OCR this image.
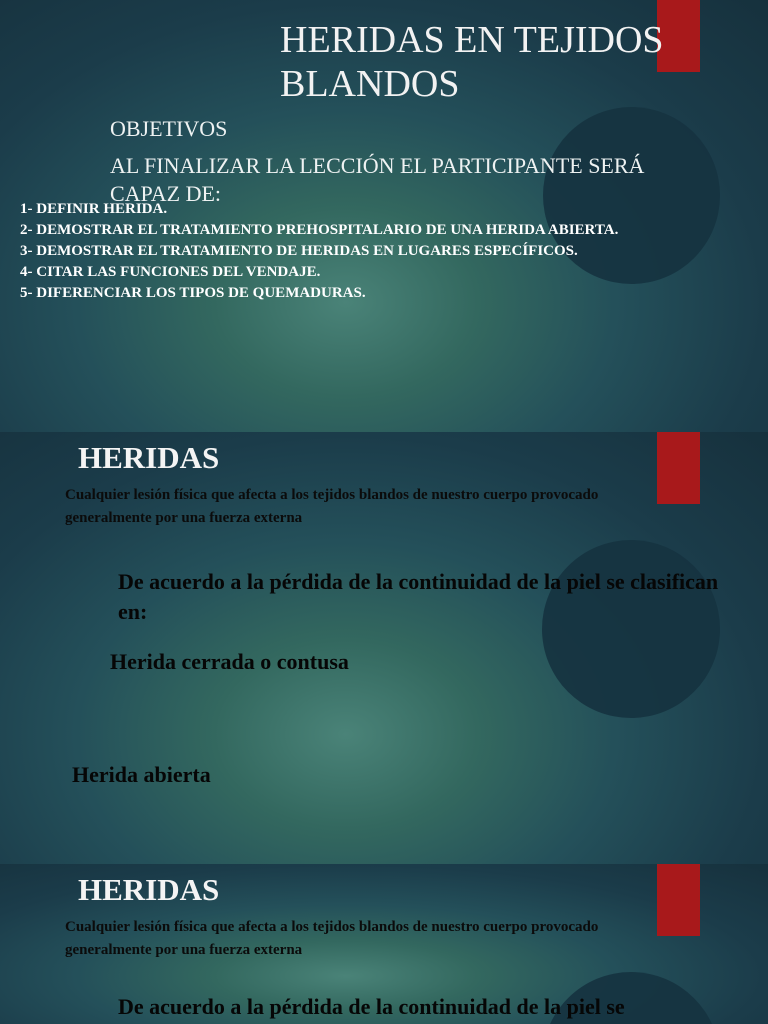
HERIDAS EN TEJIDOS BLANDOS

OBJETIVOS

AL FINALIZAR LA LECCIÓN EL PARTICIPANTE SERÁ CAPAZ DE:

1- DEFINIR HERIDA.
2- DEMOSTRAR EL TRATAMIENTO PREHOSPITALARIO DE UNA HERIDA ABIERTA.
3- DEMOSTRAR EL TRATAMIENTO DE HERIDAS EN LUGARES ESPECÍFICOS.
4- CITAR LAS FUNCIONES DEL VENDAJE.
5- DIFERENCIAR LOS TIPOS DE QUEMADURAS.
HERIDAS
Cualquier lesión física que afecta a los tejidos blandos de nuestro cuerpo provocado
generalmente por una fuerza externa

De acuerdo a la pérdida de la continuidad de la piel se clasifican en:

Herida cerrada o contusa

Herida abierta

HERIDAS
Cualquier lesión física que afecta a los tejidos blandos de nuestro cuerpo provocado
generalmente por una fuerza externa

De acuerdo a la pérdida de la continuidad de la piel se
